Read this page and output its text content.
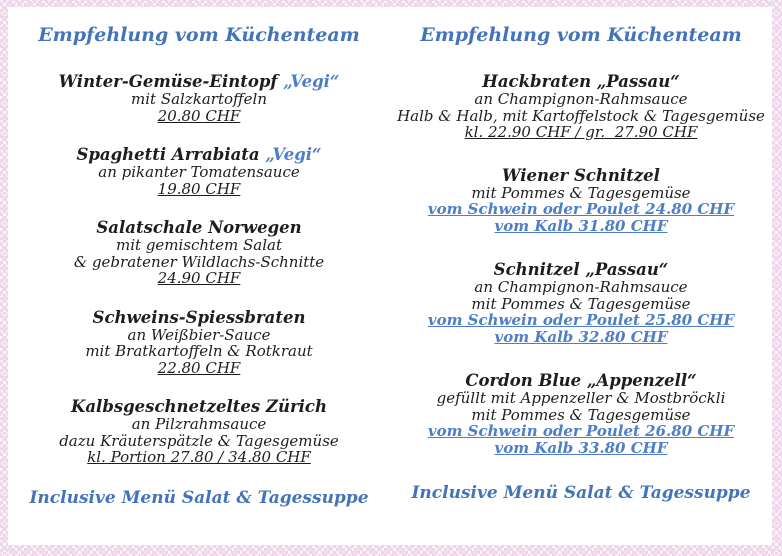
Empfehlung vom Küchenteam
Winter-Gemüse-Eintopf „Vegi“
mit Salzkartoffeln
20.80 CHF
Spaghetti Arrabiata „Vegi“
an pikanter Tomatensauce
19.80 CHF
Salatschale Norwegen
mit gemischtem Salat
& gebratener Wildlachs-Schnitte
24.90 CHF
Schweins-Spiessbraten
an Weißbier-Sauce
mit Bratkartoffeln & Rotkraut
22.80 CHF
Kalbsgeschnetzeltes Zürich
an Pilzrahmsauce
dazu Kräuterspätzle & Tagesgemüse
kl. Portion 27.80 / 34.80 CHF
Inclusive Menü Salat & Tagessuppe
Empfehlung vom Küchenteam
Hackbraten „Passau“
an Champignon-Rahmsauce
Halb & Halb, mit Kartoffelstock & Tagesgemüse
kl. 22.90 CHF / gr.  27.90 CHF
Wiener Schnitzel
mit Pommes & Tagesgemüse
vom Schwein oder Poulet 24.80 CHF
vom Kalb 31.80 CHF
Schnitzel „Passau“
an Champignon-Rahmsauce
mit Pommes & Tagesgemüse
vom Schwein oder Poulet 25.80 CHF
vom Kalb 32.80 CHF
Cordon Blue „Appenzell“
gefüllt mit Appenzeller & Mostbröckli
mit Pommes & Tagesgemüse
vom Schwein oder Poulet 26.80 CHF
vom Kalb 33.80 CHF
Inclusive Menü Salat & Tagessuppe
